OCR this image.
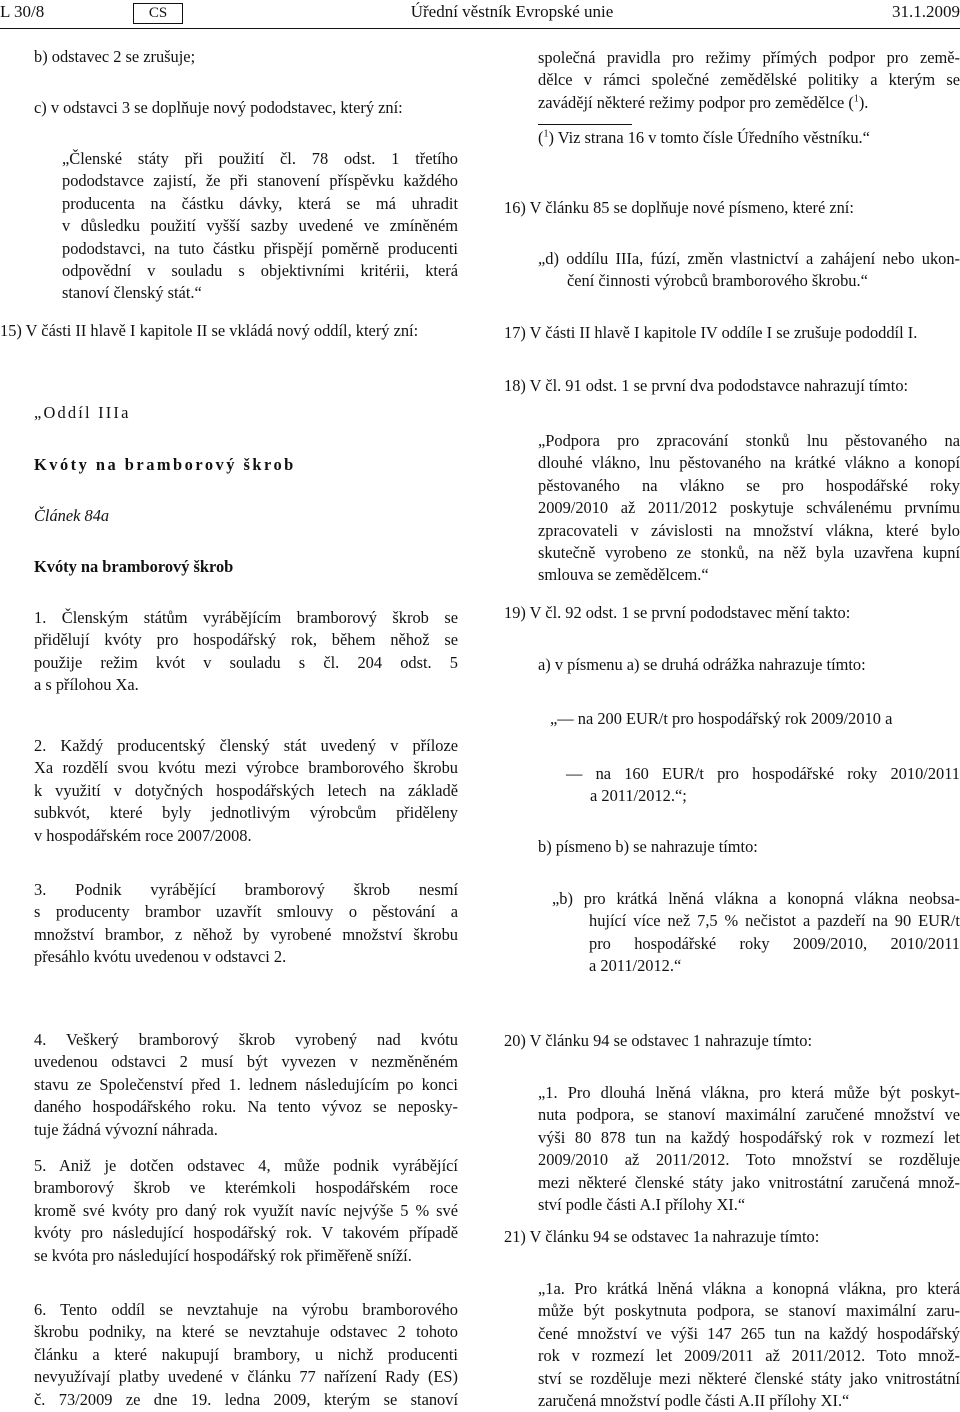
L 30/8	CS	Úřední věstník Evropské unie	31.1.2009
b) odstavec 2 se zrušuje;
c) v odstavci 3 se doplňuje nový pododstavec, který zní:
„Členské státy při použití čl. 78 odst. 1 třetího
pododstavce zajistí, že při stanovení příspěvku každého
producenta na částku dávky, která se má uhradit
v důsledku použití vyšší sazby uvedené ve zmíněném
pododstavci, na tuto částku přispějí poměrně producenti
odpovědní v souladu s objektivními kritérii, která
stanoví členský stát.“
15) V části II hlavě I kapitole II se vkládá nový oddíl, který zní:
„Oddíl IIIa
Kvóty na bramborový škrob
Článek 84a
Kvóty na bramborový škrob
1. Členským státům vyrábějícím bramborový škrob se
přidělují kvóty pro hospodářský rok, během něhož se
použije režim kvót v souladu s čl. 204 odst. 5
a s přílohou Xa.
2. Každý producentský členský stát uvedený v příloze
Xa rozdělí svou kvótu mezi výrobce bramborového škrobu
k využití v dotyčných hospodářských letech na základě
subkvót, které byly jednotlivým výrobcům přiděleny
v hospodářském roce 2007/2008.
3. Podnik vyrábějící bramborový škrob nesmí
s producenty brambor uzavřít smlouvy o pěstování a
množství brambor, z něhož by vyrobené množství škrobu
přesáhlo kvótu uvedenou v odstavci 2.
4. Veškerý bramborový škrob vyrobený nad kvótu
uvedenou odstavci 2 musí být vyvezen v nezměněném
stavu ze Společenství před 1. lednem následujícím po konci
daného hospodářského roku. Na tento vývoz se neposky-
tuje žádná vývozní náhrada.
5. Aniž je dotčen odstavec 4, může podnik vyrábějící
bramborový škrob ve kterémkoli hospodářském roce
kromě své kvóty pro daný rok využít navíc nejvýše 5 % své
kvóty pro následující hospodářský rok. V takovém případě
se kvóta pro následující hospodářský rok přiměřeně sníží.
6. Tento oddíl se nevztahuje na výrobu bramborového
škrobu podniky, na které se nevztahuje odstavec 2 tohoto
článku a které nakupují brambory, u nichž producenti
nevyužívají platby uvedené v článku 77 nařízení Rady (ES)
č. 73/2009 ze dne 19. ledna 2009, kterým se stanoví
společná pravidla pro režimy přímých podpor pro země-
dělce v rámci společné zemědělské politiky a kterým se
zavádějí některé režimy podpor pro zemědělce ($^1$).
($^1$) Viz strana 16 v tomto čísle Úředního věstníku.“
16) V článku 85 se doplňuje nové písmeno, které zní:
„d) oddílu IIIa, fúzí, změn vlastnictví a zahájení nebo ukon-
čení činnosti výrobců bramborového škrobu.“
17) V části II hlavě I kapitole IV oddíle I se zrušuje pododdíl I.
18) V čl. 91 odst. 1 se první dva pododstavce nahrazují tímto:
„Podpora pro zpracování stonků lnu pěstovaného na
dlouhé vlákno, lnu pěstovaného na krátké vlákno a konopí
pěstovaného na vlákno se pro hospodářské roky
2009/2010 až 2011/2012 poskytuje schválenému prvnímu
zpracovateli v závislosti na množství vlákna, které bylo
skutečně vyrobeno ze stonků, na něž byla uzavřena kupní
smlouva se zemědělcem.“
19) V čl. 92 odst. 1 se první pododstavec mění takto:
a) v písmenu a) se druhá odrážka nahrazuje tímto:
„— na 200 EUR/t pro hospodářský rok 2009/2010 a
— na 160 EUR/t pro hospodářské roky 2010/2011
a 2011/2012.“;
b) písmeno b) se nahrazuje tímto:
„b) pro krátká lněná vlákna a konopná vlákna neobsa-
hující více než 7,5 % nečistot a pazdeří na 90 EUR/t
pro hospodářské roky 2009/2010, 2010/2011
a 2011/2012.“
20) V článku 94 se odstavec 1 nahrazuje tímto:
„1. Pro dlouhá lněná vlákna, pro která může být poskyt-
nuta podpora, se stanoví maximální zaručené množství ve
výši 80 878 tun na každý hospodářský rok v rozmezí let
2009/2010 až 2011/2012. Toto množství se rozděluje
mezi některé členské státy jako vnitrostátní zaručená množ-
ství podle části A.I přílohy XI.“
21) V článku 94 se odstavec 1a nahrazuje tímto:
„1a. Pro krátká lněná vlákna a konopná vlákna, pro která
může být poskytnuta podpora, se stanoví maximální zaru-
čené množství ve výši 147 265 tun na každý hospodářský
rok v rozmezí let 2009/2011 až 2011/2012. Toto množ-
ství se rozděluje mezi některé členské státy jako vnitrostátní
zaručená množství podle části A.II přílohy XI.“
